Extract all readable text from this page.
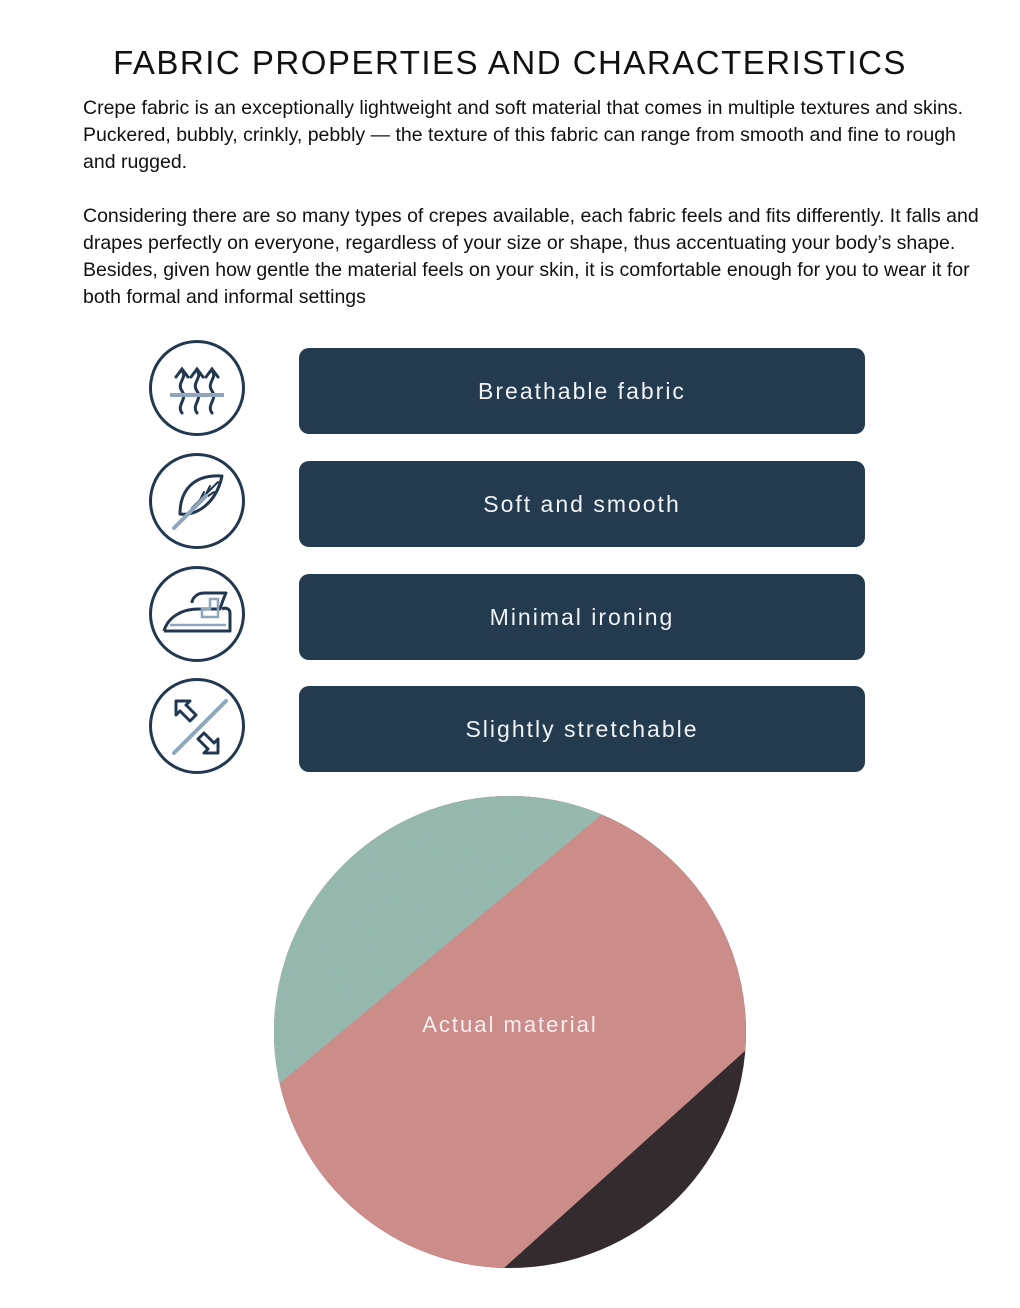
FABRIC PROPERTIES AND CHARACTERISTICS

Crepe fabric is an exceptionally lightweight and soft material that comes in multiple textures and skins. Puckered, bubbly, crinkly, pebbly — the texture of this fabric can range from smooth and fine to rough and rugged.

Considering there are so many types of crepes available, each fabric feels and fits differently. It falls and drapes perfectly on everyone, regardless of your size or shape, thus accentuating your body’s shape. Besides, given how gentle the material feels on your skin, it is comfortable enough for you to wear it for both formal and informal settings

Breathable fabric
Soft and smooth
Minimal ironing
Slightly stretchable
Actual material
